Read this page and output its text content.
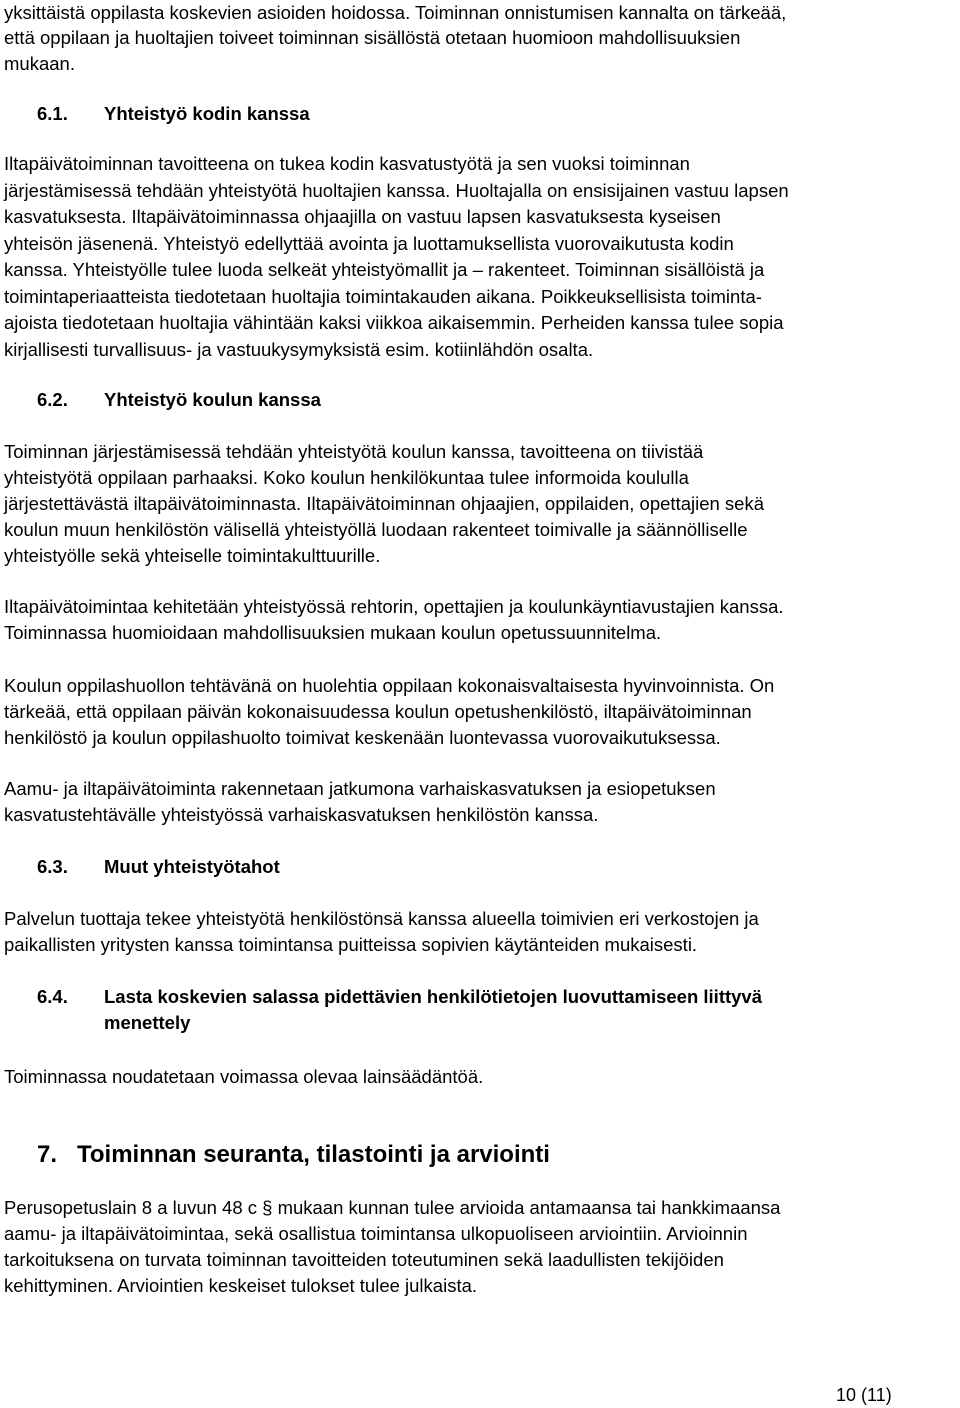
yksittäistä oppilasta koskevien asioiden hoidossa. Toiminnan onnistumisen kannalta on tärkeää,
että oppilaan ja huoltajien toiveet toiminnan sisällöstä otetaan huomioon mahdollisuuksien
mukaan.
6.1. Yhteistyö kodin kanssa
Iltapäivätoiminnan tavoitteena on tukea kodin kasvatustyötä ja sen vuoksi toiminnan
järjestämisessä tehdään yhteistyötä huoltajien kanssa. Huoltajalla on ensisijainen vastuu lapsen
kasvatuksesta. Iltapäivätoiminnassa ohjaajilla on vastuu lapsen kasvatuksesta kyseisen
yhteisön jäsenenä. Yhteistyö edellyttää avointa ja luottamuksellista vuorovaikutusta kodin
kanssa. Yhteistyölle tulee luoda selkeät yhteistyömallit ja – rakenteet. Toiminnan sisällöistä ja
toimintaperiaatteista tiedotetaan huoltajia toimintakauden aikana. Poikkeuksellisista toiminta-
ajoista tiedotetaan huoltajia vähintään kaksi viikkoa aikaisemmin. Perheiden kanssa tulee sopia
kirjallisesti turvallisuus- ja vastuukysymyksistä esim. kotiinlähdön osalta.
6.2. Yhteistyö koulun kanssa
Toiminnan järjestämisessä tehdään yhteistyötä koulun kanssa, tavoitteena on tiivistää
yhteistyötä oppilaan parhaaksi. Koko koulun henkilökuntaa tulee informoida koululla
järjestettävästä iltapäivätoiminnasta. Iltapäivätoiminnan ohjaajien, oppilaiden, opettajien sekä
koulun muun henkilöstön välisellä yhteistyöllä luodaan rakenteet toimivalle ja säännölliselle
yhteistyölle sekä yhteiselle toimintakulttuurille.
Iltapäivätoimintaa kehitetään yhteistyössä rehtorin, opettajien ja koulunkäyntiavustajien kanssa.
Toiminnassa huomioidaan mahdollisuuksien mukaan koulun opetussuunnitelma.
Koulun oppilashuollon tehtävänä on huolehtia oppilaan kokonaisvaltaisesta hyvinvoinnista. On
tärkeää, että oppilaan päivän kokonaisuudessa koulun opetushenkilöstö, iltapäivätoiminnan
henkilöstö ja koulun oppilashuolto toimivat keskenään luontevassa vuorovaikutuksessa.
Aamu- ja iltapäivätoiminta rakennetaan jatkumona varhaiskasvatuksen ja esiopetuksen
kasvatustehtävälle yhteistyössä varhaiskasvatuksen henkilöstön kanssa.
6.3. Muut yhteistyötahot
Palvelun tuottaja tekee yhteistyötä henkilöstönsä kanssa alueella toimivien eri verkostojen ja
paikallisten yritysten kanssa toimintansa puitteissa sopivien käytänteiden mukaisesti.
6.4. Lasta koskevien salassa pidettävien henkilötietojen luovuttamiseen liittyvä
menettely
Toiminnassa noudatetaan voimassa olevaa lainsäädäntöä.
7. Toiminnan seuranta, tilastointi ja arviointi
Perusopetuslain 8 a luvun 48 c § mukaan kunnan tulee arvioida antamaansa tai hankkimaansa
aamu- ja iltapäivätoimintaa, sekä osallistua toimintansa ulkopuoliseen arviointiin. Arvioinnin
tarkoituksena on turvata toiminnan tavoitteiden toteutuminen sekä laadullisten tekijöiden
kehittyminen. Arviointien keskeiset tulokset tulee julkaista.
10 (11)
